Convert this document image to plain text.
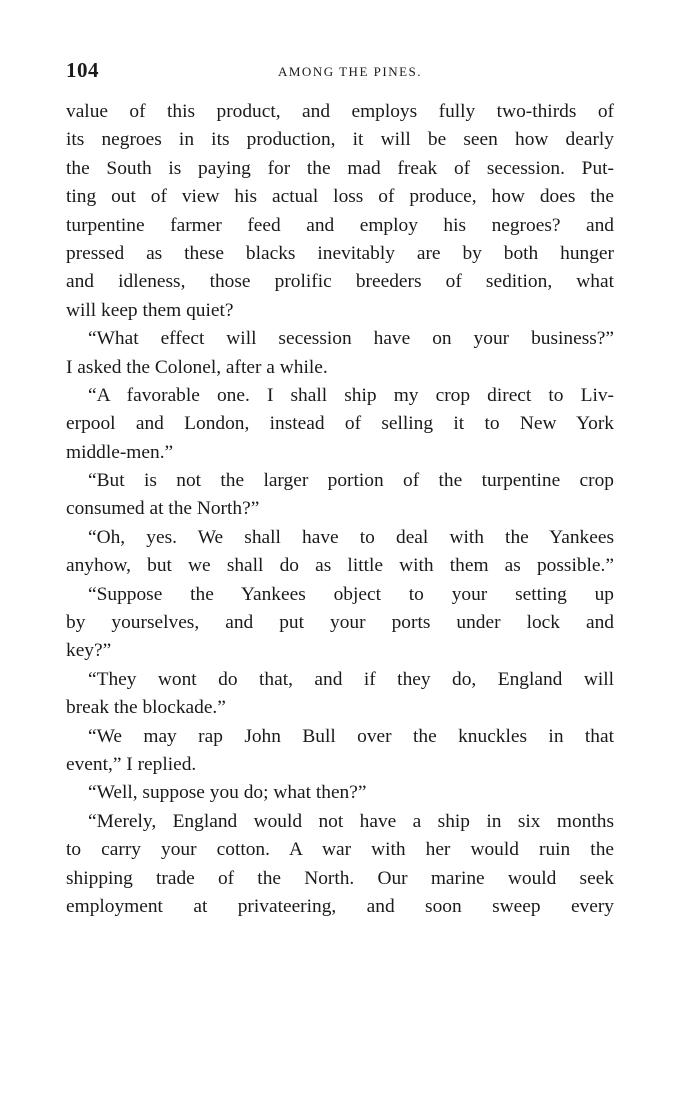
104	AMONG THE PINES.
value of this product, and employs fully two-thirds of
its negroes in its production, it will be seen how dearly
the South is paying for the mad freak of secession. Put-
ting out of view his actual loss of produce, how does the
turpentine farmer feed and employ his negroes? and
pressed as these blacks inevitably are by both hunger
and idleness, those prolific breeders of sedition, what
will keep them quiet?
“What effect will secession have on your business?”
I asked the Colonel, after a while.
“A favorable one. I shall ship my crop direct to Liv-
erpool and London, instead of selling it to New York
middle-men.”
“But is not the larger portion of the turpentine crop
consumed at the North?”
“Oh, yes. We shall have to deal with the Yankees
anyhow, but we shall do as little with them as possible.”
“Suppose the Yankees object to your setting up
by yourselves, and put your ports under lock and
key?”
“They wont do that, and if they do, England will
break the blockade.”
“We may rap John Bull over the knuckles in that
event,” I replied.
“Well, suppose you do; what then?”
“Merely, England would not have a ship in six months
to carry your cotton. A war with her would ruin the
shipping trade of the North. Our marine would seek
employment at privateering, and soon sweep every
